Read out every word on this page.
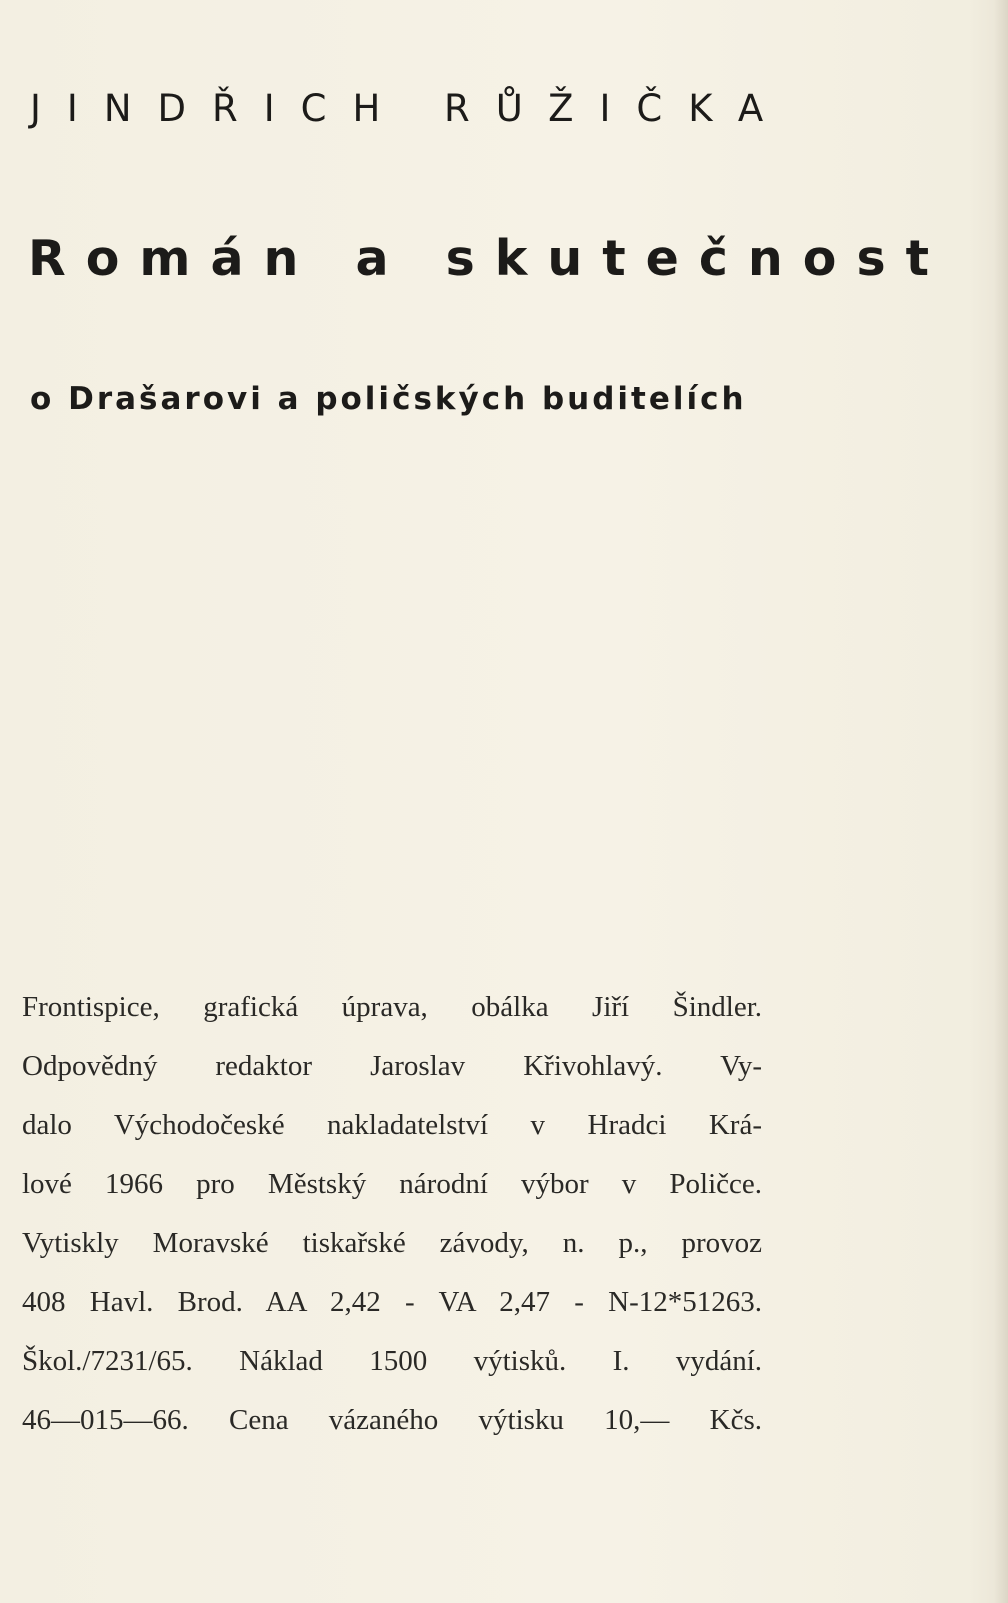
JINDŘICH RŮŽIČKA
Román a skutečnost
o Drašarovi a poličských buditelích
Frontispice, grafická úprava, obálka Jiří Šindler.
Odpovědný redaktor Jaroslav Křivohlavý. Vy-
dalo Východočeské nakladatelství v Hradci Krá-
lové 1966 pro Městský národní výbor v Poličce.
Vytiskly Moravské tiskařské závody, n. p., provoz
408 Havl. Brod. AA 2,42 - VA 2,47 - N-12*51263.
Škol./7231/65. Náklad 1500 výtisků. I. vydání.
46—015—66. Cena vázaného výtisku 10,— Kčs.
